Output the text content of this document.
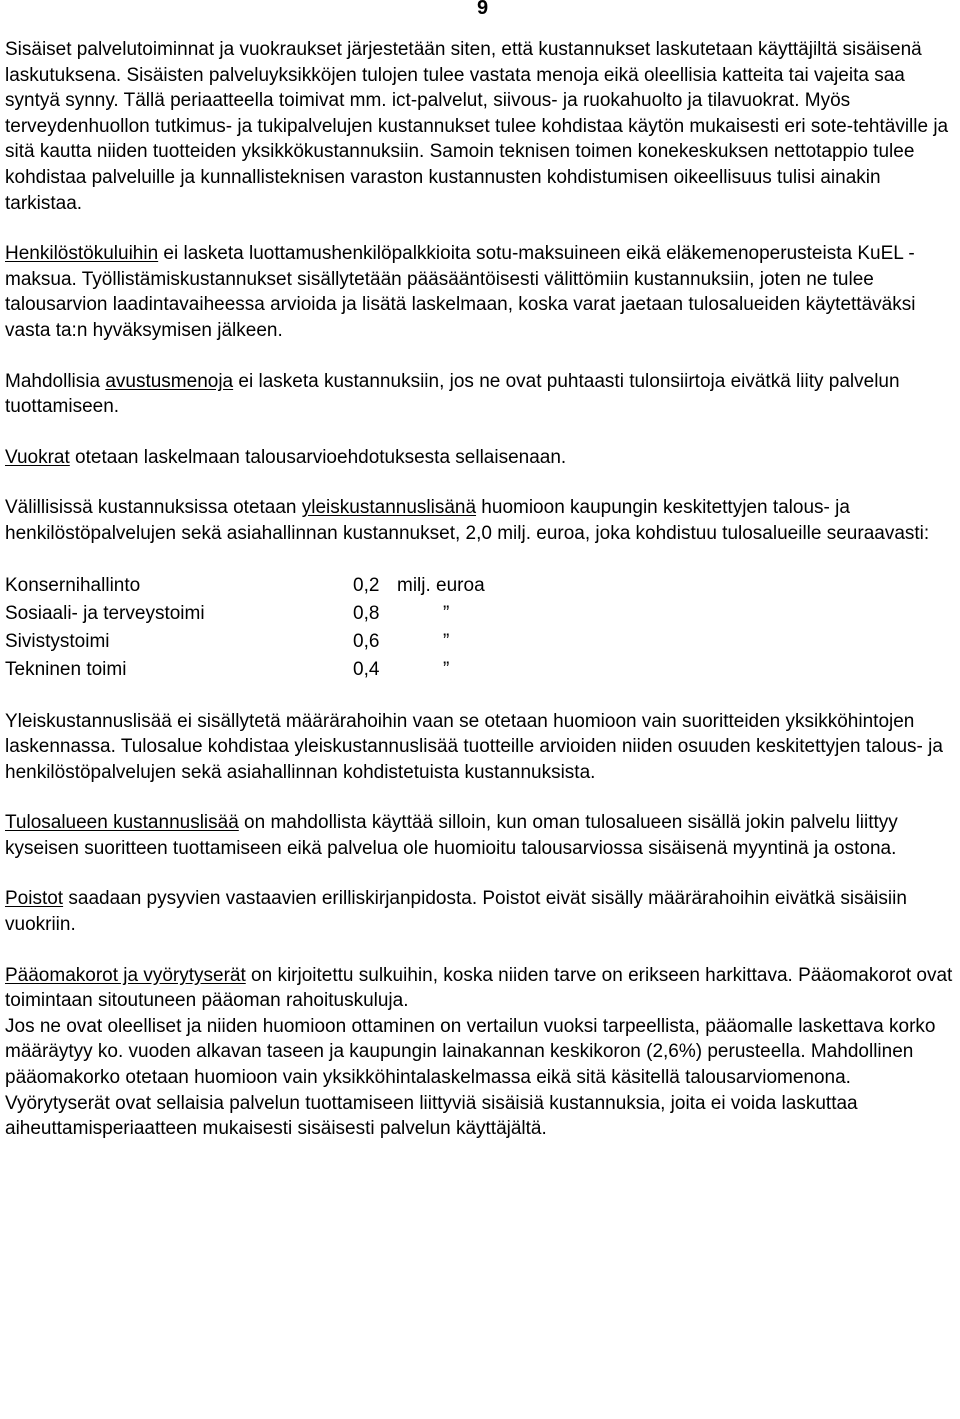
9

Sisäiset palvelutoiminnat ja vuokraukset järjestetään siten, että kustannukset laskutetaan käyttäjiltä sisäisenä laskutuksena. Sisäisten palveluyksikköjen tulojen tulee vastata menoja eikä oleellisia katteita tai vajeita saa syntyä synny. Tällä periaatteella toimivat mm. ict-palvelut, siivous- ja ruokahuolto ja tilavuokrat. Myös terveydenhuollon tutkimus- ja tukipalvelujen kustannukset tulee kohdistaa käytön mukaisesti eri sote-tehtäville ja sitä kautta niiden tuotteiden yksikkökustannuksiin. Samoin teknisen toimen konekeskuksen nettotappio tulee kohdistaa palveluille ja kunnallisteknisen varaston kustannusten kohdistumisen oikeellisuus tulisi ainakin tarkistaa.

Henkilöstökuluihin ei lasketa luottamushenkilöpalkkioita sotu-maksuineen eikä eläkemenoperusteista KuEL -maksua. Työllistämiskustannukset sisällytetään pääsääntöisesti välittömiin kustannuksiin, joten ne tulee talousarvion laadintavaiheessa arvioida ja lisätä laskelmaan, koska varat jaetaan tulosalueiden käytettäväksi vasta ta:n hyväksymisen jälkeen.

Mahdollisia avustusmenoja ei lasketa kustannuksiin, jos ne ovat puhtaasti tulonsiirtoja eivätkä liity palvelun tuottamiseen.

Vuokrat otetaan laskelmaan talousarvioehdotuksesta sellaisenaan.

Välillisissä kustannuksissa otetaan yleiskustannuslisänä huomioon kaupungin keskitettyjen talous- ja henkilöstöpalvelujen sekä asiahallinnan kustannukset, 2,0 milj. euroa, joka kohdistuu tulosalueille seuraavasti:

Konsernihallinto	0,2 milj. euroa
Sosiaali- ja terveystoimi	0,8	”
Sivistystoimi	0,6	”
Tekninen toimi	0,4	”

Yleiskustannuslisää ei sisällytetä määrärahoihin vaan se otetaan huomioon vain suoritteiden yksikköhintojen laskennassa. Tulosalue kohdistaa yleiskustannuslisää tuotteille arvioiden niiden osuuden keskitettyjen talous- ja henkilöstöpalvelujen sekä asiahallinnan kohdistetuista kustannuksista.

Tulosalueen kustannuslisää on mahdollista käyttää silloin, kun oman tulosalueen sisällä jokin palvelu liittyy kyseisen suoritteen tuottamiseen eikä palvelua ole huomioitu talousarviossa sisäisenä myyntinä ja ostona.

Poistot saadaan pysyvien vastaavien erilliskirjanpidosta. Poistot eivät sisälly määrärahoihin eivätkä sisäisiin vuokriin.

Pääomakorot ja vyörytyserät on kirjoitettu sulkuihin, koska niiden tarve on erikseen harkittava. Pääomakorot ovat toimintaan sitoutuneen pääoman rahoituskuluja.

Jos ne ovat oleelliset ja niiden huomioon ottaminen on vertailun vuoksi tarpeellista, pääomalle laskettava korko määräytyy ko. vuoden alkavan taseen ja kaupungin lainakannan keskikoron (2,6%) perusteella. Mahdollinen pääomakorko otetaan huomioon vain yksikköhintalaskelmassa eikä sitä käsitellä talousarviomenona.

Vyörytyserät ovat sellaisia palvelun tuottamiseen liittyviä sisäisiä kustannuksia, joita ei voida laskuttaa aiheuttamisperiaatteen mukaisesti sisäisesti palvelun käyttäjältä.
